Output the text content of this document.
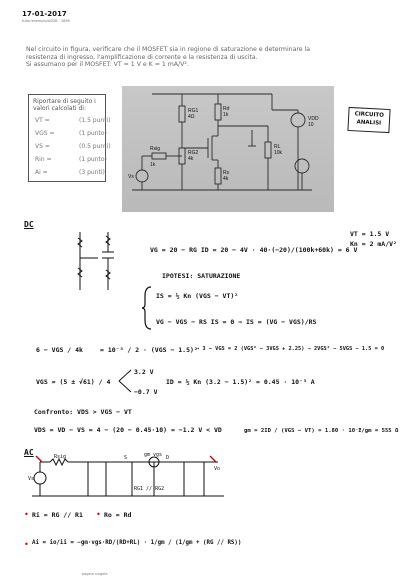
17-01-2017
tutor/esempio/ASDB · 1896
Nel circuito in figura, verificare che il MOSFET sia in regione di saturazione e determinare la resistenza di ingresso, l'amplificazione di corrente e la resistenza di uscita.
Si assumano per il MOSFET: VT = 1 V e K = 1 mA/V².
RG1
4Ω
Rd
1k
Rsig
1k
RG2
4k
Rs
4k
RL
10k
Vs
VDD
10
Riportare di seguito i valori calcolati di:
VT =	(1.5 punti)
VGS =	(1 punto)
VS =	(0.5 punti)
Rin =	(1 punto)
Ai =	(3 punti)
CIRCUITO
ANALISI
DC
VT = 1.5 V
Kn = 2 mA/V²
VG = 20 − RG ID = 20 − 4V · 40·(−20)/(100k+60k) = 6 V
IPOTESI: SATURAZIONE
IS = ½ Kn (VGS − VT)²
VG − VGS − RS IS = 0 ⇒ IS = (VG − VGS)/RS
6 − VGS / 4k	= 10⁻³ / 2 · (VGS − 1.5)²
⇒ 3 − VGS = 2 (VGS² − 3VGS + 2.25) ⇒ 2VGS² − 5VGS − 1.5 = 0
VGS = (5 ± √61) / 4
3.2 V
−0.7 V
ID = ½ Kn (3.2 − 1.5)² = 0.45 · 10⁻³ A
Confronto: VDS > VGS − VT
VDS = VD − VS = 4 − (20 − 0.45·10) = −1.2 V < VD	gm = 2ID / (VGS − VT) = 1.80 · 10⁻³
1/gm = 555 Ω
AC	Rsig
Vs
S	gm vgs D
Vo
RG1 // RG2
• Ri = RG // R1 • Ro = Rd
• Ai = io/ii = −gm·vgs·RD/(RD+RL) · 1/gm / (1/gm + (RG // RS))
pagina singola
